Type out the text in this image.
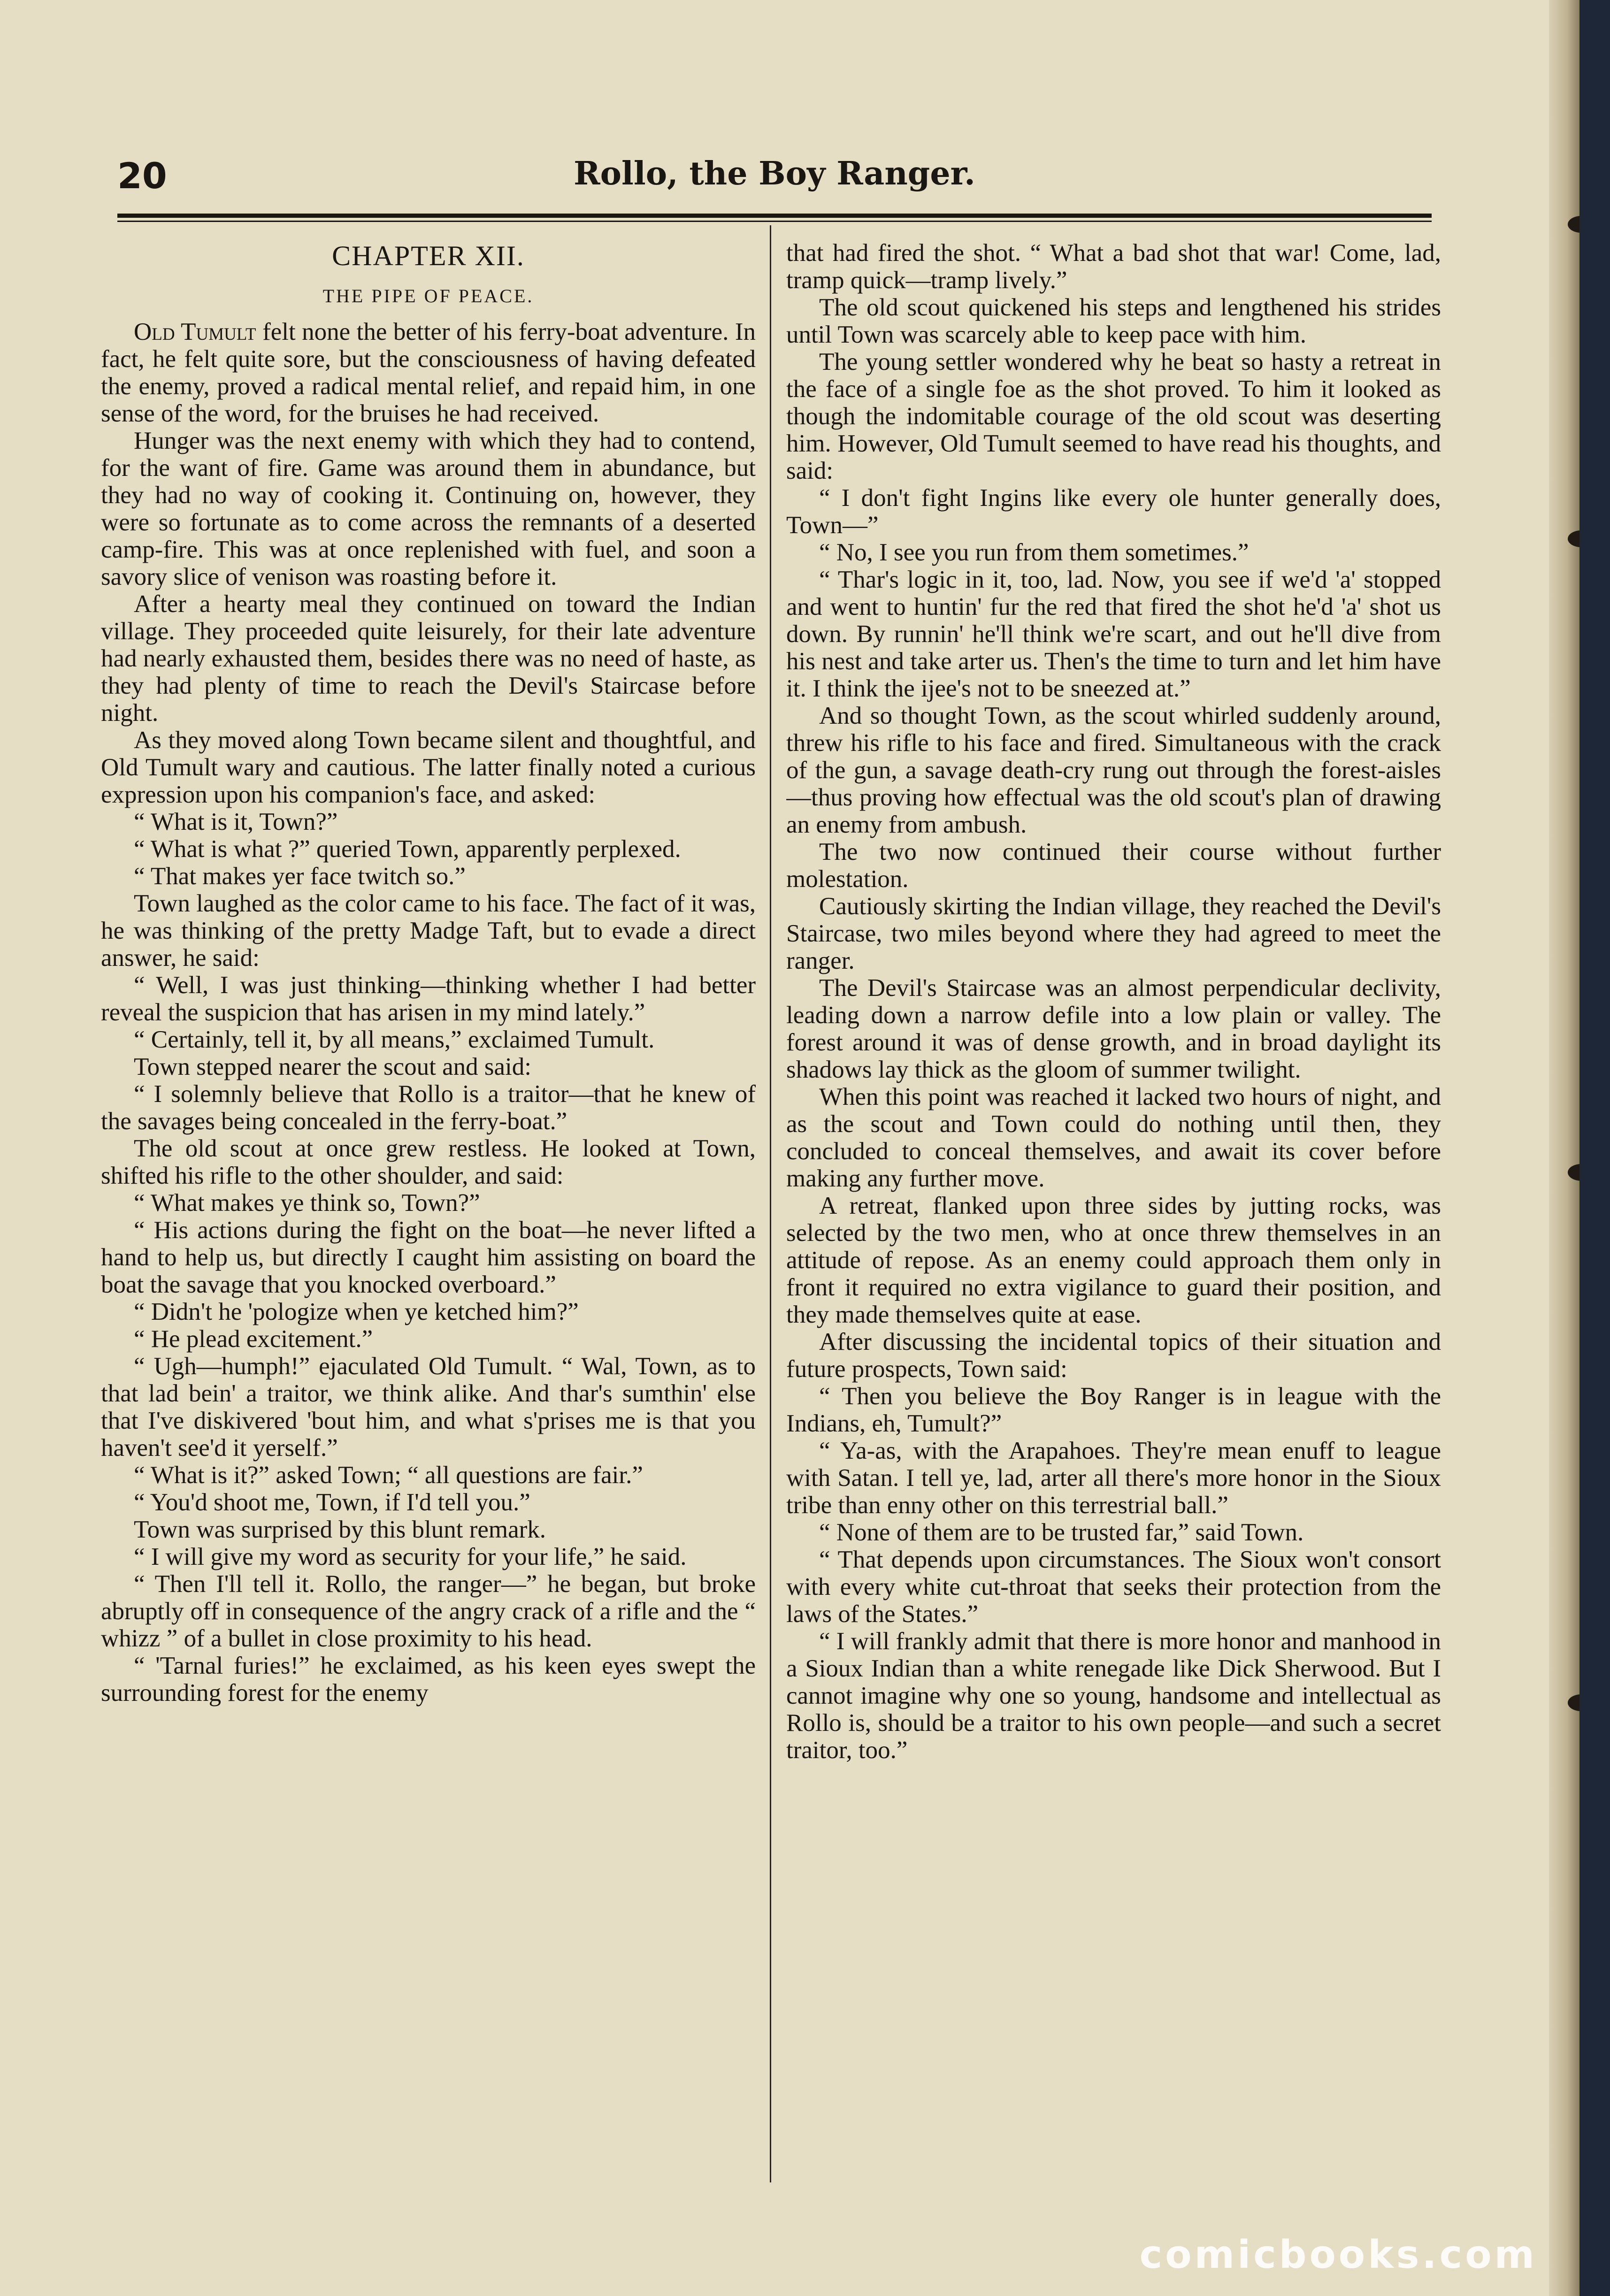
20	Rollo, the Boy Ranger.
CHAPTER XII.
THE PIPE OF PEACE.

Old Tumult felt none the better of his ferry-boat adventure. In fact, he felt quite sore, but the consciousness of having defeated the enemy, proved a radical mental relief, and repaid him, in one sense of the word, for the bruises he had received.

Hunger was the next enemy with which they had to contend, for the want of fire. Game was around them in abundance, but they had no way of cooking it. Continuing on, however, they were so fortunate as to come across the remnants of a deserted camp-fire. This was at once replenished with fuel, and soon a savory slice of venison was roasting before it.

After a hearty meal they continued on toward the Indian village. They proceeded quite leisurely, for their late adventure had nearly exhausted them, besides there was no need of haste, as they had plenty of time to reach the Devil's Staircase before night.

As they moved along Town became silent and thoughtful, and Old Tumult wary and cautious. The latter finally noted a curious expression upon his companion's face, and asked:

“ What is it, Town?”

“ What is what ?” queried Town, apparently perplexed.

“ That makes yer face twitch so.”

Town laughed as the color came to his face. The fact of it was, he was thinking of the pretty Madge Taft, but to evade a direct answer, he said:

“ Well, I was just thinking—thinking whether I had better reveal the suspicion that has arisen in my mind lately.”

“ Certainly, tell it, by all means,” exclaimed Tumult.

Town stepped nearer the scout and said:

“ I solemnly believe that Rollo is a traitor—that he knew of the savages being concealed in the ferry-boat.”

The old scout at once grew restless. He looked at Town, shifted his rifle to the other shoulder, and said:

“ What makes ye think so, Town?”

“ His actions during the fight on the boat—he never lifted a hand to help us, but directly I caught him assisting on board the boat the savage that you knocked overboard.”

“ Didn't he 'pologize when ye ketched him?”

“ He plead excitement.”

“ Ugh—humph!” ejaculated Old Tumult. “ Wal, Town, as to that lad bein' a traitor, we think alike. And thar's sumthin' else that I've diskivered 'bout him, and what s'prises me is that you haven't see'd it yerself.”

“ What is it?” asked Town; “ all questions are fair.”

“ You'd shoot me, Town, if I'd tell you.”

Town was surprised by this blunt remark.

“ I will give my word as security for your life,” he said.

“ Then I'll tell it. Rollo, the ranger—” he began, but broke abruptly off in consequence of the angry crack of a rifle and the “ whizz ” of a bullet in close proximity to his head.

“ 'Tarnal furies!” he exclaimed, as his keen eyes swept the surrounding forest for the enemy

that had fired the shot. “ What a bad shot that war! Come, lad, tramp quick—tramp lively.”

The old scout quickened his steps and lengthened his strides until Town was scarcely able to keep pace with him.

The young settler wondered why he beat so hasty a retreat in the face of a single foe as the shot proved. To him it looked as though the indomitable courage of the old scout was deserting him. However, Old Tumult seemed to have read his thoughts, and said:

“ I don't fight Ingins like every ole hunter generally does, Town—”

“ No, I see you run from them sometimes.”

“ Thar's logic in it, too, lad. Now, you see if we'd 'a' stopped and went to huntin' fur the red that fired the shot he'd 'a' shot us down. By runnin' he'll think we're scart, and out he'll dive from his nest and take arter us. Then's the time to turn and let him have it. I think the ijee's not to be sneezed at.”

And so thought Town, as the scout whirled suddenly around, threw his rifle to his face and fired. Simultaneous with the crack of the gun, a savage death-cry rung out through the forest-aisles—thus proving how effectual was the old scout's plan of drawing an enemy from ambush.

The two now continued their course without further molestation.

Cautiously skirting the Indian village, they reached the Devil's Staircase, two miles beyond where they had agreed to meet the ranger.

The Devil's Staircase was an almost perpendicular declivity, leading down a narrow defile into a low plain or valley. The forest around it was of dense growth, and in broad daylight its shadows lay thick as the gloom of summer twilight.

When this point was reached it lacked two hours of night, and as the scout and Town could do nothing until then, they concluded to conceal themselves, and await its cover before making any further move.

A retreat, flanked upon three sides by jutting rocks, was selected by the two men, who at once threw themselves in an attitude of repose. As an enemy could approach them only in front it required no extra vigilance to guard their position, and they made themselves quite at ease.

After discussing the incidental topics of their situation and future prospects, Town said:

“ Then you believe the Boy Ranger is in league with the Indians, eh, Tumult?”

“ Ya-as, with the Arapahoes. They're mean enuff to league with Satan. I tell ye, lad, arter all there's more honor in the Sioux tribe than enny other on this terrestrial ball.”

“ None of them are to be trusted far,” said Town.

“ That depends upon circumstances. The Sioux won't consort with every white cut-throat that seeks their protection from the laws of the States.”

“ I will frankly admit that there is more honor and manhood in a Sioux Indian than a white renegade like Dick Sherwood. But I cannot imagine why one so young, handsome and intellectual as Rollo is, should be a traitor to his own people—and such a secret traitor, too.”

comicbooks.com
